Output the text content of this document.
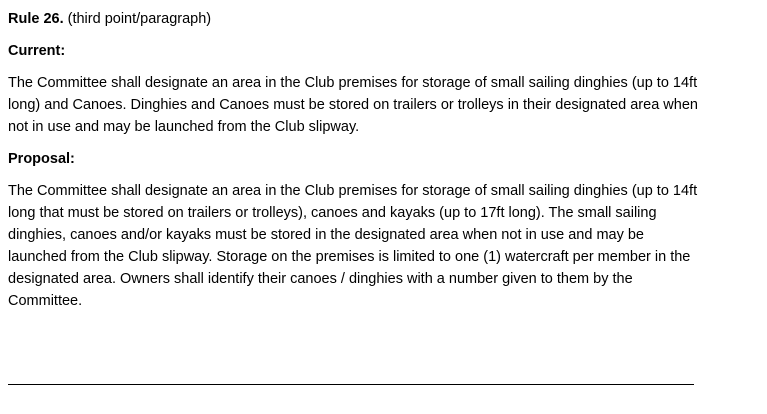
Rule 26. (third point/paragraph)
Current:
The Committee shall designate an area in the Club premises for storage of small sailing dinghies (up to 14ft
long) and Canoes. Dinghies and Canoes must be stored on trailers or trolleys in their designated area when
not in use and may be launched from the Club slipway.
Proposal:
The Committee shall designate an area in the Club premises for storage of small sailing dinghies (up to 14ft
long that must be stored on trailers or trolleys), canoes and kayaks (up to 17ft long). The small sailing
dinghies, canoes and/or kayaks must be stored in the designated area when not in use and may be
launched from the Club slipway. Storage on the premises is limited to one (1) watercraft per member in the
designated area. Owners shall identify their canoes / dinghies with a number given to them by the
Committee.
